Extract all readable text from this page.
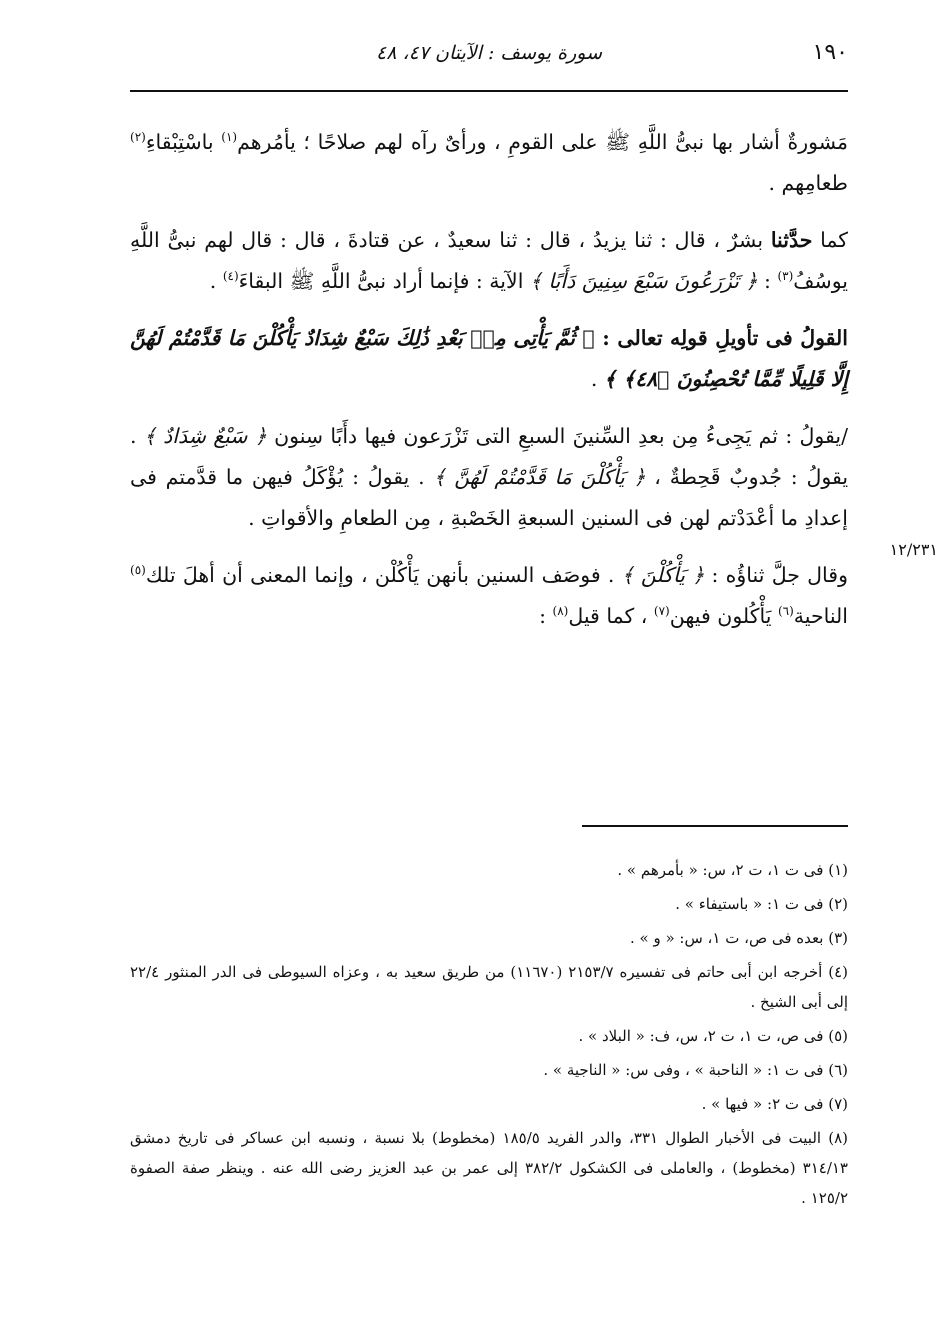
١٩٠
سورة يوسف : الآيتان ٤٧، ٤٨

مَشورةٌ أشار بها نبىُّ اللَّهِ ﷺ على القومِ ، ورأىٌ رآه لهم صلاحًا ؛ يأمُرهم$^{(١)}$ باسْتِبْقاءِ$^{(٢)}$ طعامِهم .

كما حدَّثنا بشرٌ ، قال : ثنا يزيدُ ، قال : ثنا سعيدٌ ، عن قتادةَ ، قال : قال لهم نبىُّ اللَّهِ يوسُفُ$^{(٣)}$ : ﴿ تَزْرَعُونَ سَبْعَ سِنِينَ دَأَبًا ﴾ الآية : فإنما أراد نبىُّ اللَّهِ ﷺ البقاءَ$^{(٤)}$ .

القولُ فى تأويلِ قولِه تعالى : ﴿ ثُمَّ يَأْتِى مِنۢ بَعْدِ ذَٰلِكَ سَبْعٌ شِدَادٌ يَأْكُلْنَ مَا قَدَّمْتُمْ لَهُنَّ إِلَّا قَلِيلًا مِّمَّا تُحْصِنُونَ ﴿٤٨﴾ ﴾ .

/يقولُ : ثم يَجِىءُ مِن بعدِ السِّنينَ السبعِ التى تَزْرَعون فيها دأَبًا سِنون ﴿ سَبْعٌ شِدَادٌ ﴾ . يقولُ : جُدوبٌ قَحِطةٌ ، ﴿ يَأْكُلْنَ مَا قَدَّمْتُمْ لَهُنَّ ﴾ . يقولُ : يُؤْكَلُ فيهن ما قدَّمتم فى إعدادِ ما أعْدَدْتم لهن فى السنين السبعةِ الخَصْبةِ ، مِن الطعامِ والأقواتِ .

وقال جلَّ ثناؤُه : ﴿ يَأْكُلْنَ ﴾ . فوصَف السنين بأنهن يَأْكُلْن ، وإنما المعنى أن أهلَ تلك$^{(٥)}$ الناحية$^{(٦)}$ يَأْكُلون فيهن$^{(٧)}$ ، كما قيل$^{(٨)}$ :

١٢/٢٣١

(١) فى ت ١، ت ٢، س: « بأمرهم » .

(٢) فى ت ١: « باستيفاء » .

(٣) بعده فى ص، ت ١، س: « و » .

(٤) أخرجه ابن أبى حاتم فى تفسيره ٢١٥٣/٧ (١١٦٧٠) من طريق سعيد به ، وعزاه السيوطى فى الدر المنثور ٢٢/٤ إلى أبى الشيخ .

(٥) فى ص، ت ١، ت ٢، س، ف: « البلاد » .

(٦) فى ت ١: « الناحبة » ، وفى س: « الناجية » .

(٧) فى ت ٢: « فيها » .

(٨) البيت فى الأخبار الطوال ٣٣١، والدر الفريد ١٨٥/٥ (مخطوط) بلا نسبة ، ونسبه ابن عساكر فى تاريخ دمشق ٣١٤/١٣ (مخطوط) ، والعاملى فى الكشكول ٣٨٢/٢ إلى عمر بن عبد العزيز رضى الله عنه . وينظر صفة الصفوة ١٢٥/٢ .
